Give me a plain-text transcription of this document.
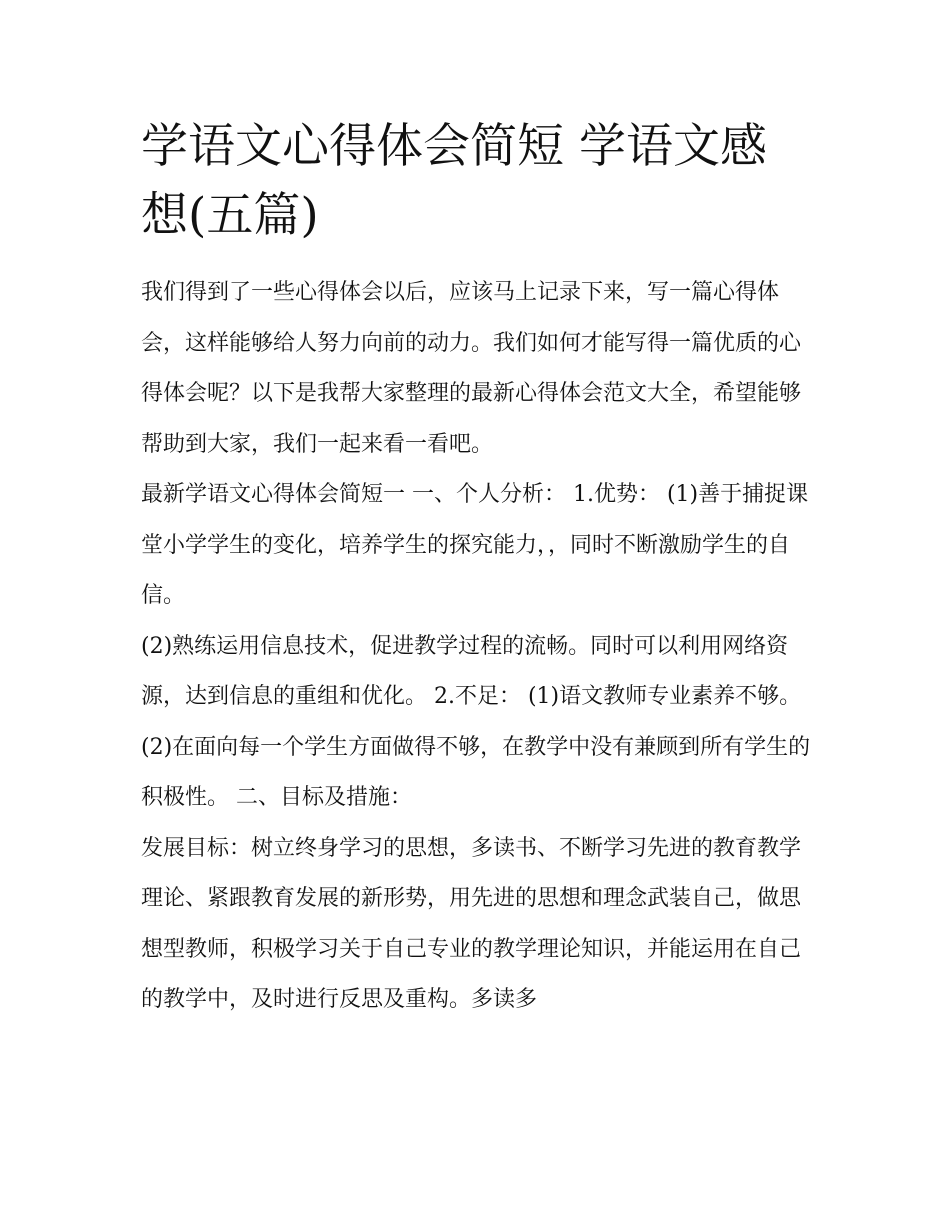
学语文心得体会简短 学语文感想(五篇)

我们得到了一些心得体会以后，应该马上记录下来，写一篇心得体会，这样能够给人努力向前的动力。我们如何才能写得一篇优质的心得体会呢？以下是我帮大家整理的最新心得体会范文大全，希望能够帮助到大家，我们一起来看一看吧。

最新学语文心得体会简短一 一、个人分析： 1.优势： (1)善于捕捉课堂小学学生的变化，培养学生的探究能力，，同时不断激励学生的自信。

(2)熟练运用信息技术，促进教学过程的流畅。同时可以利用网络资源，达到信息的重组和优化。 2.不足： (1)语文教师专业素养不够。

(2)在面向每一个学生方面做得不够，在教学中没有兼顾到所有学生的积极性。 二、目标及措施：

发展目标：树立终身学习的思想，多读书、不断学习先进的教育教学理论、紧跟教育发展的新形势，用先进的思想和理念武装自己，做思想型教师，积极学习关于自己专业的教学理论知识，并能运用在自己的教学中，及时进行反思及重构。多读多
